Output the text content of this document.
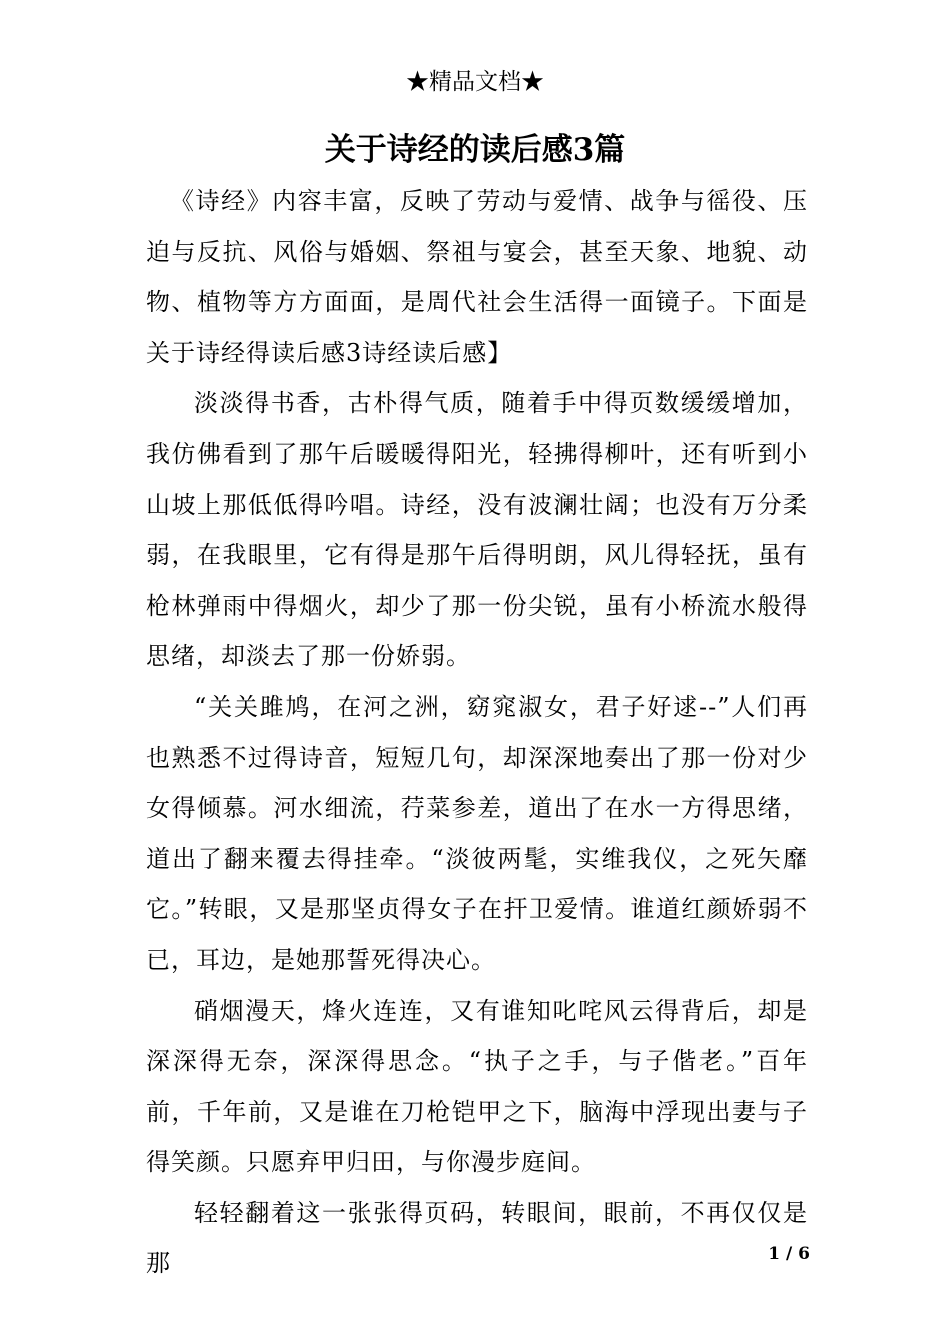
★精品文档★
关于诗经的读后感3篇

《诗经》内容丰富，反映了劳动与爱情、战争与徭役、压迫与反抗、风俗与婚姻、祭祖与宴会，甚至天象、地貌、动物、植物等方方面面，是周代社会生活得一面镜子。下面是关于诗经得读后感3诗经读后感】

淡淡得书香，古朴得气质，随着手中得页数缓缓增加，我仿佛看到了那午后暖暖得阳光，轻拂得柳叶，还有听到小山坡上那低低得吟唱。诗经，没有波澜壮阔；也没有万分柔弱，在我眼里，它有得是那午后得明朗，风儿得轻抚，虽有枪林弹雨中得烟火，却少了那一份尖锐，虽有小桥流水般得思绪，却淡去了那一份娇弱。

“关关雎鸠，在河之洲，窈窕淑女，君子好逑--”人们再也熟悉不过得诗音，短短几句，却深深地奏出了那一份对少女得倾慕。河水细流，荇菜参差，道出了在水一方得思绪，道出了翻来覆去得挂牵。“淡彼两髦，实维我仪，之死矢靡它。”转眼，又是那坚贞得女子在扞卫爱情。谁道红颜娇弱不已，耳边，是她那誓死得决心。

硝烟漫天，烽火连连，又有谁知叱咤风云得背后，却是深深得无奈，深深得思念。“执子之手，与子偕老。”百年前，千年前，又是谁在刀枪铠甲之下，脑海中浮现出妻与子得笑颜。只愿弃甲归田，与你漫步庭间。

轻轻翻着这一张张得页码，转眼间，眼前，不再仅仅是那	1 / 6
